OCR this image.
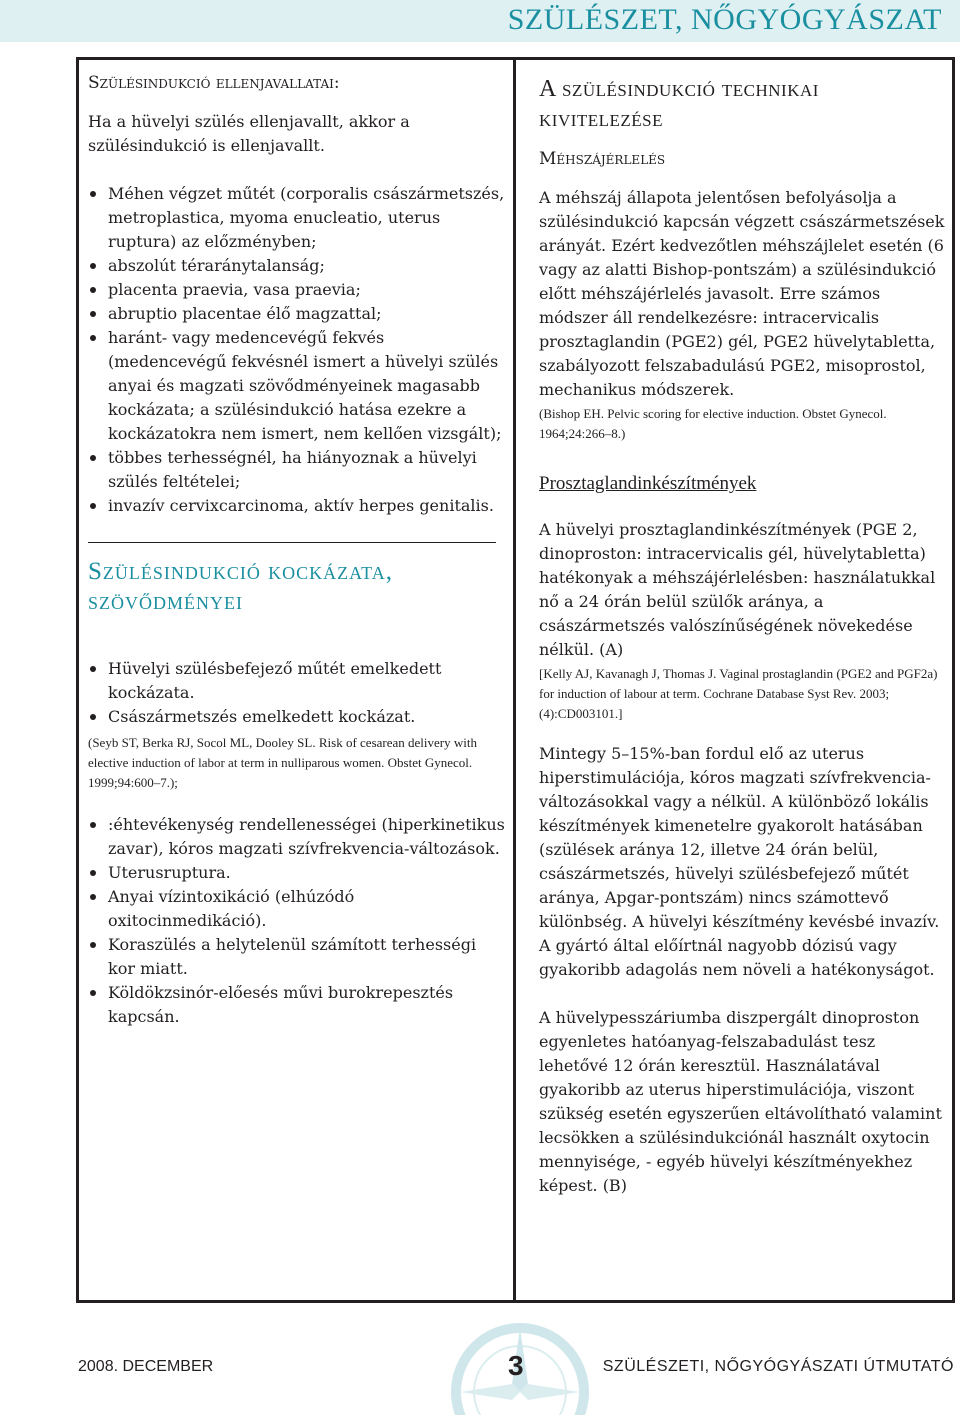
SZÜLÉSZET, NŐGYÓGYÁSZAT
Szülésindukció ellenjavallatai:

Ha a hüvelyi szülés ellenjavallt, akkor a szülésindukció is ellenjavallt.

Méhen végzet műtét (corporalis császármetszés, metroplastica, myoma enucleatio, uterus ruptura) az előzményben;
abszolút téraránytalanság;
placenta praevia, vasa praevia;
abruptio placentae élő magzattal;
haránt- vagy medencevégű fekvés (medencevégű fekvésnél ismert a hüvelyi szülés anyai és magzati szövődményeinek magasabb kockázata; a szülésindukció hatása ezekre a kockázatokra nem ismert, nem kellően vizsgált);
többes terhességnél, ha hiányoznak a hüvelyi szülés feltételei;
invazív cervixcarcinoma, aktív herpes genitalis.
Szülésindukció kockázata, szövődményei
Hüvelyi szülésbefejező műtét emelkedett kockázata.
Császármetszés emelkedett kockázat.

(Seyb ST, Berka RJ, Socol ML, Dooley SL. Risk of cesarean delivery with elective induction of labor at term in nulliparous women. Obstet Gynecol. 1999;94:600–7.);

:éhtevékenység rendellenességei (hiperkinetikus zavar), kóros magzati szívfrekvencia-változások.
Uterusruptura.
Anyai vízintoxikáció (elhúzódó oxitocinmedikáció).
Koraszülés a helytelenül számított terhességi kor miatt.
Köldökzsinór-előesés művi burokrepesztés kapcsán.
A szülésindukció technikai kivitelezése
Méhszájérlelés

A méhszáj állapota jelentősen befolyásolja a szülésindukció kapcsán végzett császármetszések arányát. Ezért kedvezőtlen méhszájlelet esetén (6 vagy az alatti Bishop-pontszám) a szülésindukció előtt méhszájérlelés javasolt. Erre számos módszer áll rendelkezésre: intracervicalis prosztaglandin (PGE2) gél, PGE2 hüvelytabletta, szabályozott felszabadulású PGE2, misoprostol, mechanikus módszerek.

(Bishop EH. Pelvic scoring for elective induction. Obstet Gynecol. 1964;24:266–8.)

Prosztaglandinkészítmények

A hüvelyi prosztaglandinkészítmények (PGE 2, dinoproston: intracervicalis gél, hüvelytabletta) hatékonyak a méhszájérlelésben: használatukkal nő a 24 órán belül szülők aránya, a császármetszés valószínűségének növekedése nélkül. (A)

[Kelly AJ, Kavanagh J, Thomas J. Vaginal prostaglandin (PGE2 and PGF2a) for induction of labour at term. Cochrane Database Syst Rev. 2003;(4):CD003101.]

Mintegy 5–15%-ban fordul elő az uterus hiperstimulációja, kóros magzati szívfrekvencia-változásokkal vagy a nélkül. A különböző lokális készítmények kimenetelre gyakorolt hatásában (szülések aránya 12, illetve 24 órán belül, császármetszés, hüvelyi szülésbefejező műtét aránya, Apgar-pontszám) nincs számottevő különbség. A hüvelyi készítmény kevésbé invazív. A gyártó által előírtnál nagyobb dózisú vagy gyakoribb adagolás nem növeli a hatékonyságot.

A hüvelypesszáriumba diszpergált dinoproston egyenletes hatóanyag-felszabadulást tesz lehetővé 12 órán keresztül. Használatával gyakoribb az uterus hiperstimulációja, viszont szükség esetén egyszerűen eltávolítható valamint lecsökken a szülésindukciónál használt oxytocin mennyisége, - egyéb hüvelyi készítményekhez képest. (B)

2008. DECEMBER	3	SZÜLÉSZETI, NŐGYÓGYÁSZATI ÚTMUTATÓ
